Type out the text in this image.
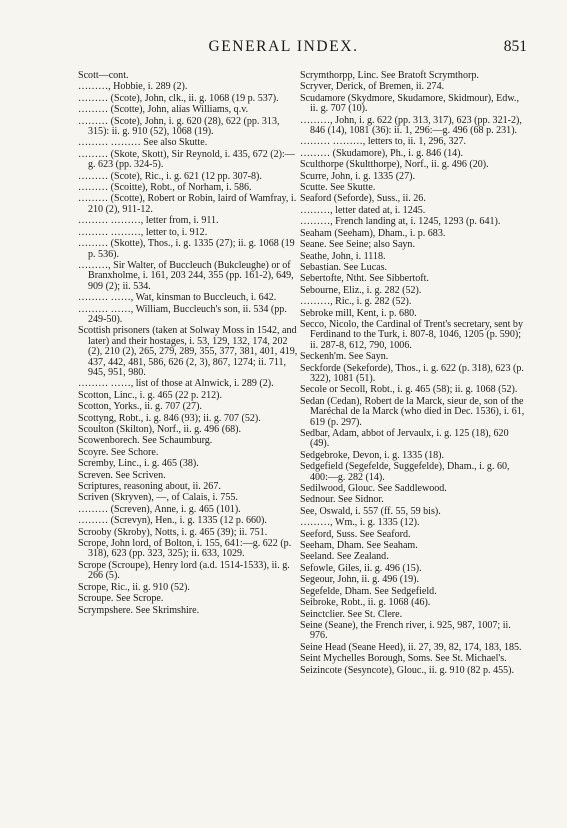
GENERAL INDEX.	851
Scott—cont.
………, Hobbie, i. 289 (2).
……… (Scote), John, clk., ii. g. 1068 (19 p. 537).
……… (Scotte), John, alias Williams, q.v.
……… (Scote), John, i. g. 620 (28), 622 (pp. 313, 315): ii. g. 910 (52), 1068 (19).
……… ……… See also Skutte.
……… (Skote, Skott), Sir Reynold, i. 435, 672 (2):—g. 623 (pp. 324-5).
……… (Scote), Ric., i. g. 621 (12 pp. 307-8).
……… (Scoitte), Robt., of Norham, i. 586.
……… (Scotte), Robert or Robin, laird of Wamfray, i. 210 (2), 911-12.
……… ………, letter from, i. 911.
……… ………, letter to, i. 912.
……… (Skotte), Thos., i. g. 1335 (27); ii. g. 1068 (19 p. 536).
………, Sir Walter, of Buccleuch (Bukcleughe) or of Branxholme, i. 161, 203 244, 355 (pp. 161-2), 649, 909 (2); ii. 534.
……… ……, Wat, kinsman to Buccleuch, i. 642.
……… ……, William, Buccleuch's son, ii. 534 (pp. 249-50).
Scottish prisoners (taken at Solway Moss in 1542, and later) and their hostages, i. 53, 129, 132, 174, 202 (2), 210 (2), 265, 279, 289, 355, 377, 381, 401, 419, 437, 442, 481, 586, 626 (2, 3), 867, 1274; ii. 711, 945, 951, 980.
……… ……, list of those at Alnwick, i. 289 (2).
Scotton, Linc., i. g. 465 (22 p. 212).
Scotton, Yorks., ii. g. 707 (27).
Scottyng, Robt., i. g. 846 (93); ii. g. 707 (52).
Scoulton (Skilton), Norf., ii. g. 496 (68).
Scowenborech. See Schaumburg.
Scoyre. See Schore.
Scremby, Linc., i. g. 465 (38).
Screven. See Scriven.
Scriptures, reasoning about, ii. 267.
Scriven (Skryven), —, of Calais, i. 755.
……… (Screven), Anne, i. g. 465 (101).
……… (Screvyn), Hen., i. g. 1335 (12 p. 660).
Scrooby (Skroby), Notts, i. g. 465 (39); ii. 751.
Scrope, John lord, of Bolton, i. 155, 641:—g. 622 (p. 318), 623 (pp. 323, 325); ii. 633, 1029.
Scrope (Scroupe), Henry lord (a.d. 1514-1533), ii. g. 266 (5).
Scrope, Ric., ii. g. 910 (52).
Scroupe. See Scrope.
Scrympshere. See Skrimshire.
Scrymthorpp, Linc. See Bratoft Scrymthorp.
Scryver, Derick, of Bremen, ii. 274.
Scudamore (Skydmore, Skudamore, Skidmour), Edw., ii. g. 707 (10).
………, John, i. g. 622 (pp. 313, 317), 623 (pp. 321-2), 846 (14), 1081 (36): ii. 1, 296:—g. 496 (68 p. 231).
……… ………, letters to, ii. 1, 296, 327.
……… (Skudamore), Ph., i. g. 846 (14).
Sculthorpe (Skultthorpe), Norf., ii. g. 496 (20).
Scurre, John, i. g. 1335 (27).
Scutte. See Skutte.
Seaford (Seforde), Suss., ii. 26.
………, letter dated at, i. 1245.
………, French landing at, i. 1245, 1293 (p. 641).
Seaham (Seeham), Dham., i. p. 683.
Seane. See Seine; also Sayn.
Seathe, John, i. 1118.
Sebastian. See Lucas.
Sebertofte, Ntht. See Sibbertoft.
Sebourne, Eliz., i. g. 282 (52).
………, Ric., i. g. 282 (52).
Sebroke mill, Kent, i. p. 680.
Secco, Nicolo, the Cardinal of Trent's secretary, sent by Ferdinand to the Turk, i. 807-8, 1046, 1205 (p. 590); ii. 287-8, 612, 790, 1006.
Seckenh'm. See Sayn.
Seckforde (Sekeforde), Thos., i. g. 622 (p. 318), 623 (p. 322), 1081 (51).
Secole or Secoll, Robt., i. g. 465 (58); ii. g. 1068 (52).
Sedan (Cedan), Robert de la Marck, sieur de, son of the Maréchal de la Marck (who died in Dec. 1536), i. 61, 619 (p. 297).
Sedbar, Adam, abbot of Jervaulx, i. g. 125 (18), 620 (49).
Sedgebroke, Devon, i. g. 1335 (18).
Sedgefield (Segefelde, Suggefelde), Dham., i. g. 60, 400:—g. 282 (14).
Sedilwood, Glouc. See Saddlewood.
Sednour. See Sidnor.
See, Oswald, i. 557 (ff. 55, 59 bis).
………, Wm., i. g. 1335 (12).
Seeford, Suss. See Seaford.
Seeham, Dham. See Seaham.
Seeland. See Zealand.
Sefowle, Giles, ii. g. 496 (15).
Segeour, John, ii. g. 496 (19).
Segefelde, Dham. See Sedgefield.
Seibroke, Robt., ii. g. 1068 (46).
Seinctclier. See St. Clere.
Seine (Seane), the French river, i. 925, 987, 1007; ii. 976.
Seine Head (Seane Heed), ii. 27, 39, 82, 174, 183, 185.
Seint Mychelles Borough, Soms. See St. Michael's.
Seizincote (Sesyncote), Glouc., ii. g. 910 (82 p. 455).
